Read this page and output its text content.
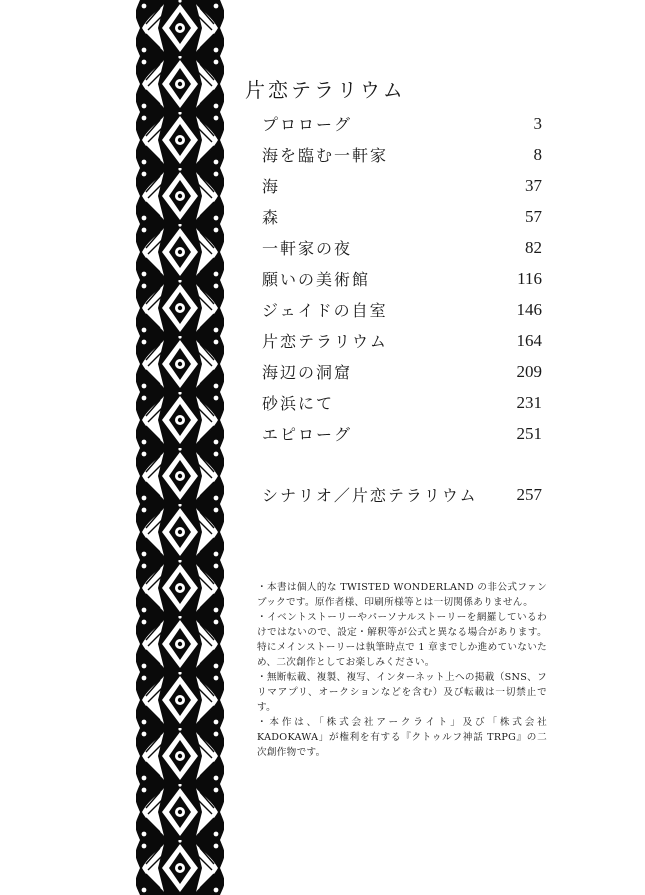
片恋テラリウム
プロローグ	3
海を臨む一軒家	8
海	37
森	57
一軒家の夜	82
願いの美術館	116
ジェイドの自室	146
片恋テラリウム	164
海辺の洞窟	209
砂浜にて	231
エピローグ	251
シナリオ／片恋テラリウム 257

・本書は個人的な TWISTED WONDERLAND の非公式ファンブックです。原作者様、印刷所様等とは一切関係ありません。

・イベントストーリーやパーソナルストーリーを網羅しているわけではないので、設定・解釈等が公式と異なる場合があります。特にメインストーリーは執筆時点で 1 章までしか進めていないため、二次創作としてお楽しみください。

・無断転載、複製、複写、インターネット上への掲載（SNS、フリマアプリ、オークションなどを含む）及び転載は一切禁止です。

・本作は、「株式会社アークライト」及び「株式会社 KADOKAWA」が権利を有する『クトゥルフ神話 TRPG』の二次創作物です。
